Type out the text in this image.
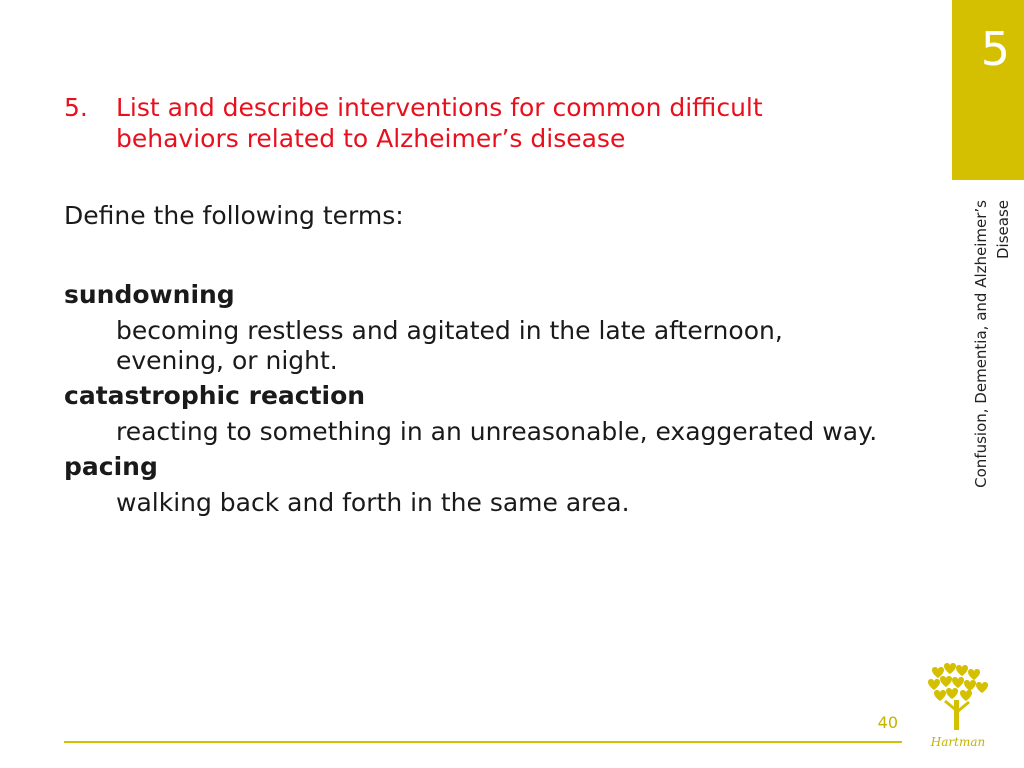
5
Confusion, Dementia, and Alzheimer’s Disease
5. List and describe interventions for common difficult behaviors related to Alzheimer’s disease
Define the following terms:

sundowning

becoming restless and agitated in the late afternoon, evening, or night.

catastrophic reaction

reacting to something in an unreasonable, exaggerated way.

pacing

walking back and forth in the same area.

40
Hartman
